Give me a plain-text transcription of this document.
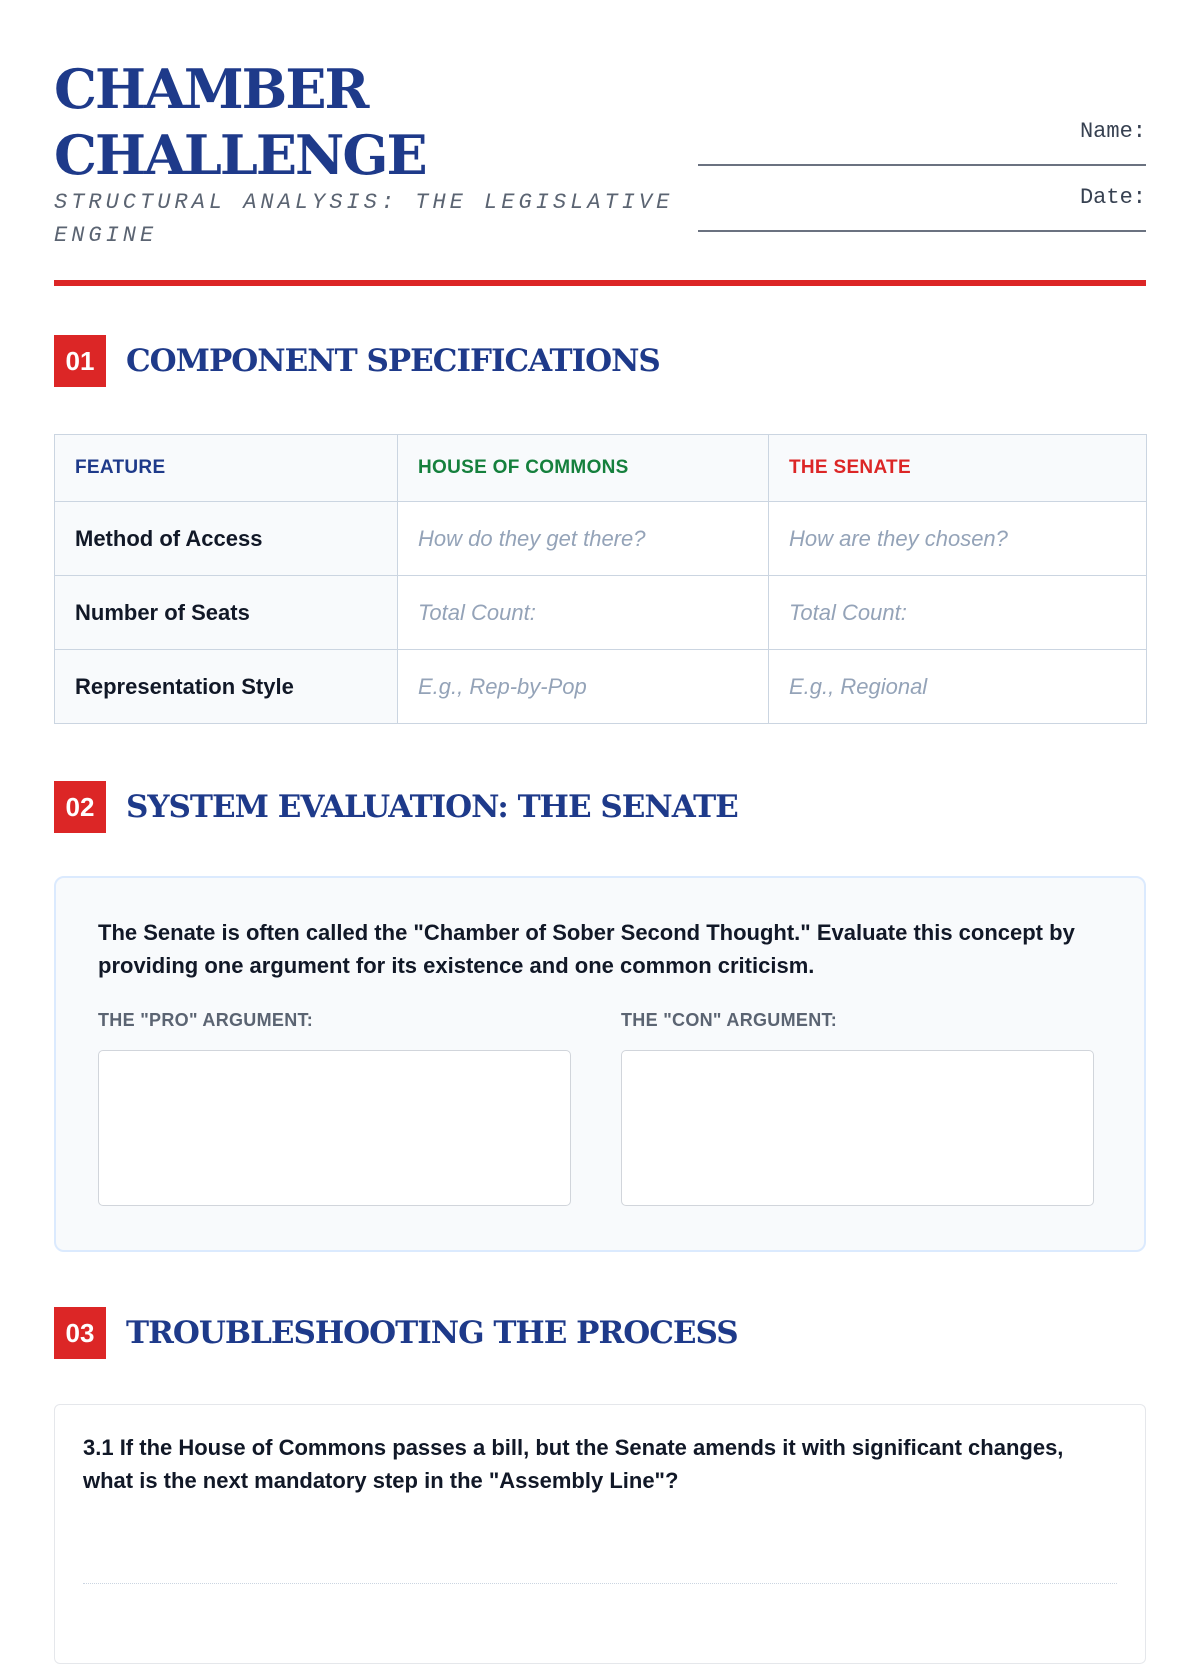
CHAMBER CHALLENGE
STRUCTURAL ANALYSIS: THE LEGISLATIVE ENGINE
Name:
Date:
01	COMPONENT SPECIFICATIONS
FEATURE	HOUSE OF COMMONS	THE SENATE
Method of Access	How do they get there?	How are they chosen?
Number of Seats	Total Count:	Total Count:
Representation Style	E.g., Rep-by-Pop	E.g., Regional
02	SYSTEM EVALUATION: THE SENATE
The Senate is often called the "Chamber of Sober Second Thought." Evaluate this concept by providing one argument for its existence and one common criticism.
THE "PRO" ARGUMENT:	THE "CON" ARGUMENT:
03	TROUBLESHOOTING THE PROCESS
3.1 If the House of Commons passes a bill, but the Senate amends it with significant changes, what is the next mandatory step in the "Assembly Line"?
